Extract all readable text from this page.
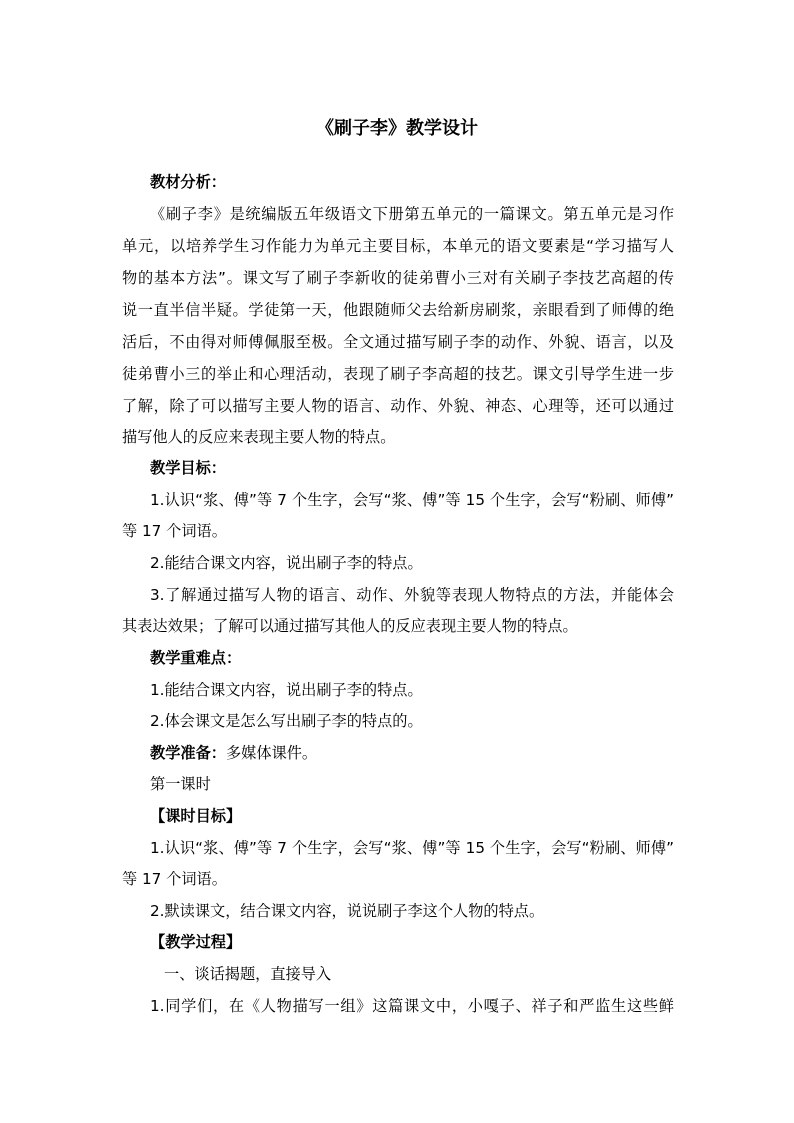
《刷子李》教学设计
教材分析：
《刷子李》是统编版五年级语文下册第五单元的一篇课文。第五单元是习作
单元，以培养学生习作能力为单元主要目标，本单元的语文要素是“学习描写人
物的基本方法”。课文写了刷子李新收的徒弟曹小三对有关刷子李技艺高超的传
说一直半信半疑。学徒第一天，他跟随师父去给新房刷浆，亲眼看到了师傅的绝
活后，不由得对师傅佩服至极。全文通过描写刷子李的动作、外貌、语言，以及
徒弟曹小三的举止和心理活动，表现了刷子李高超的技艺。课文引导学生进一步
了解，除了可以描写主要人物的语言、动作、外貌、神态、心理等，还可以通过
描写他人的反应来表现主要人物的特点。
教学目标：
1.认识“浆、傅”等 7 个生字，会写“浆、傅”等 15 个生字，会写“粉刷、师傅”
等 17 个词语。
2.能结合课文内容，说出刷子李的特点。
3.了解通过描写人物的语言、动作、外貌等表现人物特点的方法，并能体会
其表达效果；了解可以通过描写其他人的反应表现主要人物的特点。
教学重难点：
1.能结合课文内容，说出刷子李的特点。
2.体会课文是怎么写出刷子李的特点的。
教学准备：多媒体课件。
第一课时
【课时目标】
1.认识“浆、傅”等 7 个生字，会写“浆、傅”等 15 个生字，会写“粉刷、师傅”
等 17 个词语。
2.默读课文，结合课文内容，说说刷子李这个人物的特点。
【教学过程】
一、谈话揭题，直接导入
1.同学们，在《人物描写一组》这篇课文中，小嘎子、祥子和严监生这些鲜
